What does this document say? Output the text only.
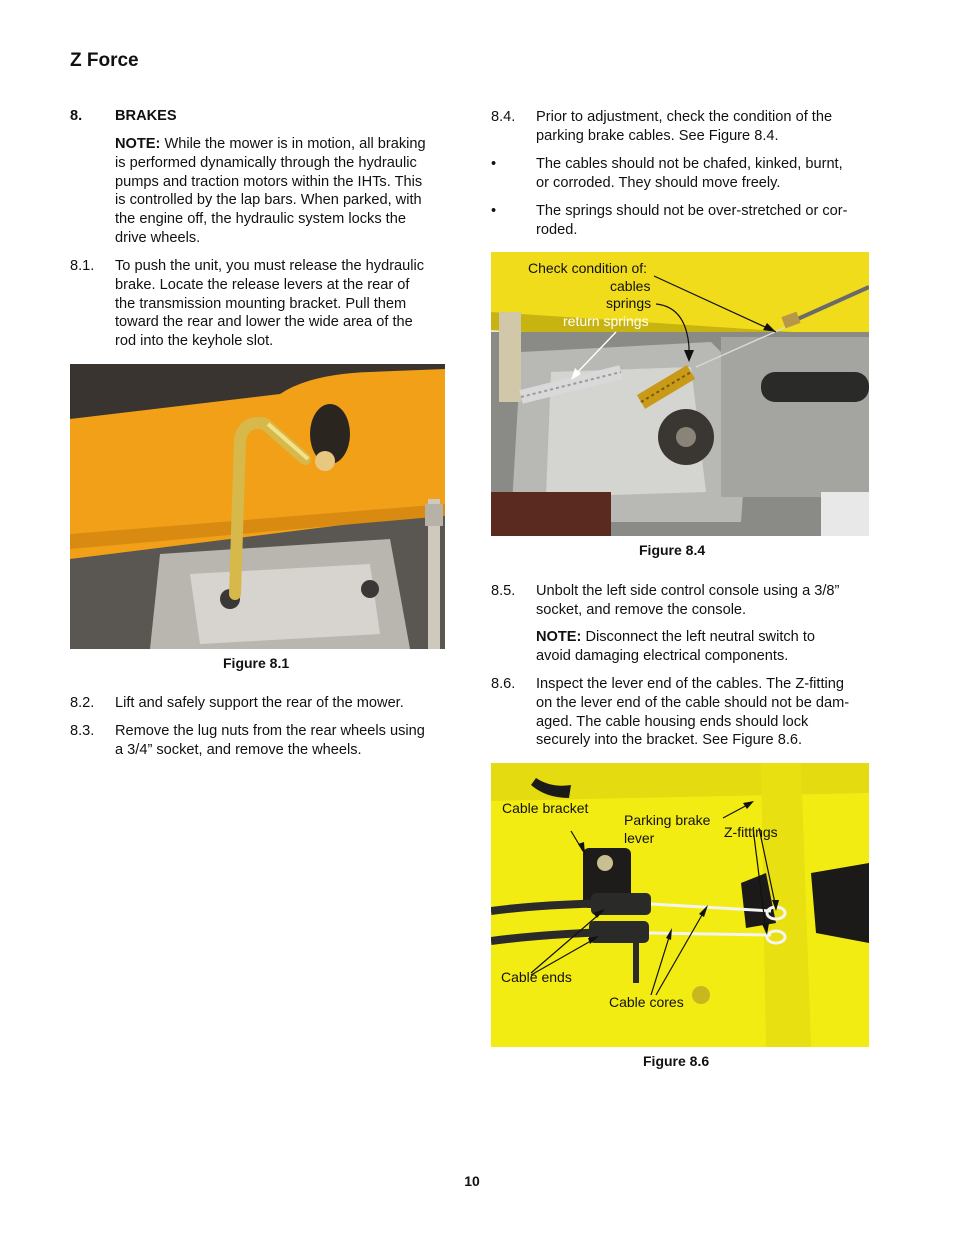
Z Force
8. BRAKES
NOTE: While the mower is in motion, all braking
is performed dynamically through the hydraulic
pumps and traction motors within the IHTs. This
is controlled by the lap bars. When parked, with
the engine off, the hydraulic system locks the
drive wheels.
8.1. To push the unit, you must release the hydraulic
brake. Locate the release levers at the rear of
the transmission mounting bracket. Pull them
toward the rear and lower the wide area of the
rod into the keyhole slot.
Figure 8.1
8.2. Lift and safely support the rear of the mower.
8.3. Remove the lug nuts from the rear wheels using
a 3/4” socket, and remove the wheels.
8.4. Prior to adjustment, check the condition of the
parking brake cables. See Figure 8.4.
•	The cables should not be chafed, kinked, burnt,
or corroded. They should move freely.
•	The springs should not be over-stretched or cor-
roded.
Check condition of:
cables
springs
return springs
Figure 8.4
8.5. Unbolt the left side control console using a 3/8”
socket, and remove the console.
NOTE: Disconnect the left neutral switch to
avoid damaging electrical components.
8.6. Inspect the lever end of the cables. The Z-fitting
on the lever end of the cable should not be dam-
aged. The cable housing ends should lock
securely into the bracket. See Figure 8.6.
Cable bracket
Parking brake
lever	Z-fittings
Cable ends
Cable cores
Figure 8.6
10
